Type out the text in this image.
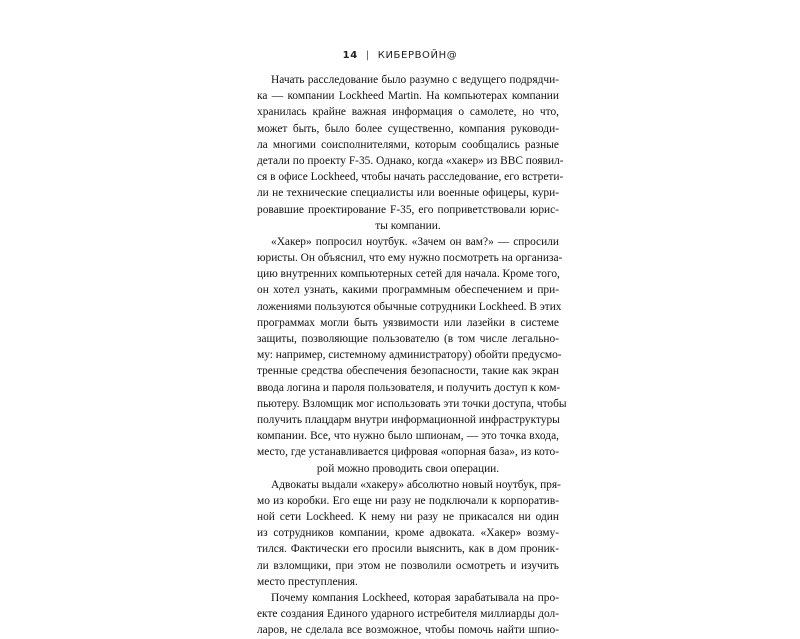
14 | КИБЕРВОЙН@
Начать расследование было разумно с ведущего подрядчи-
ка — компании Lockheed Martin. На компьютерах компании
хранилась крайне важная информация о самолете, но что,
может быть, было более существенно, компания руководи-
ла многими соисполнителями, которым сообщались разные
детали по проекту F-35. Однако, когда «хакер» из BBC появил-
ся в офисе Lockheed, чтобы начать расследование, его встрети-
ли не технические специалисты или военные офицеры, кури-
ровавшие проектирование F-35, его поприветствовали юрис-
ты компании.
«Хакер» попросил ноутбук. «Зачем он вам?» — спросили
юристы. Он объяснил, что ему нужно посмотреть на организа-
цию внутренних компьютерных сетей для начала. Кроме того,
он хотел узнать, какими программным обеспечением и при-
ложениями пользуются обычные сотрудники Lockheed. В этих
программах могли быть уязвимости или лазейки в системе
защиты, позволяющие пользователю (в том числе легально-
му: например, системному администратору) обойти предусмо-
тренные средства обеспечения безопасности, такие как экран
ввода логина и пароля пользователя, и получить доступ к ком-
пьютеру. Взломщик мог использовать эти точки доступа, чтобы
получить плацдарм внутри информационной инфраструктуры
компании. Все, что нужно было шпионам, — это точка входа,
место, где устанавливается цифровая «опорная база», из кото-
рой можно проводить свои операции.
Адвокаты выдали «хакеру» абсолютно новый ноутбук, пря-
мо из коробки. Его еще ни разу не подключали к корпоратив-
ной сети Lockheed. К нему ни разу не прикасался ни один
из сотрудников компании, кроме адвоката. «Хакер» возму-
тился. Фактически его просили выяснить, как в дом проник-
ли взломщики, при этом не позволили осмотреть и изучить
место преступления.
Почему компания Lockheed, которая зарабатывала на про-
екте создания Единого ударного истребителя миллиарды дол-
ларов, не сделала все возможное, чтобы помочь найти шпио-
